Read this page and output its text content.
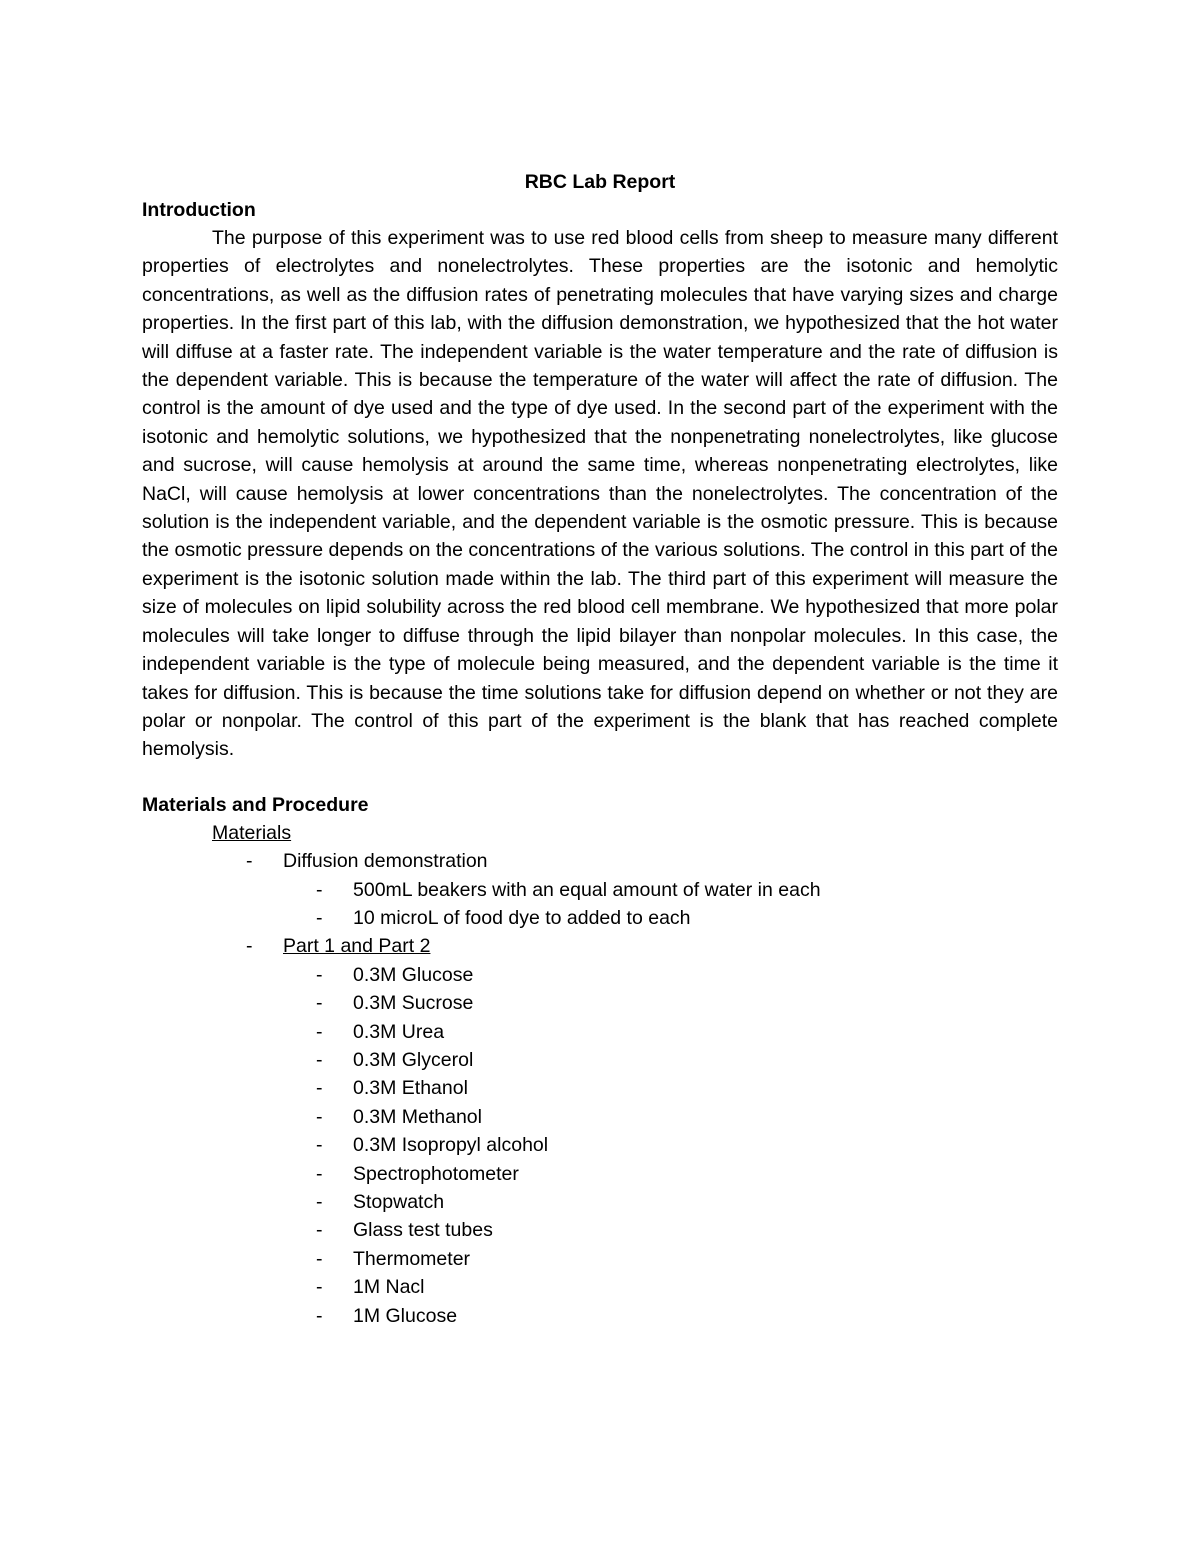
RBC Lab Report

Introduction

The purpose of this experiment was to use red blood cells from sheep to measure many different properties of electrolytes and nonelectrolytes. These properties are the isotonic and hemolytic concentrations, as well as the diffusion rates of penetrating molecules that have varying sizes and charge properties. In the first part of this lab, with the diffusion demonstration, we hypothesized that the hot water will diffuse at a faster rate. The independent variable is the water temperature and the rate of diffusion is the dependent variable. This is because the temperature of the water will affect the rate of diffusion. The control is the amount of dye used and the type of dye used. In the second part of the experiment with the isotonic and hemolytic solutions, we hypothesized that the nonpenetrating nonelectrolytes, like glucose and sucrose, will cause hemolysis at around the same time, whereas nonpenetrating electrolytes, like NaCl, will cause hemolysis at lower concentrations than the nonelectrolytes. The concentration of the solution is the independent variable, and the dependent variable is the osmotic pressure. This is because the osmotic pressure depends on the concentrations of the various solutions. The control in this part of the experiment is the isotonic solution made within the lab. The third part of this experiment will measure the size of molecules on lipid solubility across the red blood cell membrane. We hypothesized that more polar molecules will take longer to diffuse through the lipid bilayer than nonpolar molecules. In this case, the independent variable is the type of molecule being measured, and the dependent variable is the time it takes for diffusion. This is because the time solutions take for diffusion depend on whether or not they are polar or nonpolar. The control of this part of the experiment is the blank that has reached complete hemolysis.

Materials and Procedure

Materials

- Diffusion demonstration
- 500mL beakers with an equal amount of water in each
- 10 microL of food dye to added to each
- Part 1 and Part 2
- 0.3M Glucose
- 0.3M Sucrose
- 0.3M Urea
- 0.3M Glycerol
- 0.3M Ethanol
- 0.3M Methanol
- 0.3M Isopropyl alcohol
- Spectrophotometer
- Stopwatch
- Glass test tubes
- Thermometer
- 1M Nacl
- 1M Glucose
